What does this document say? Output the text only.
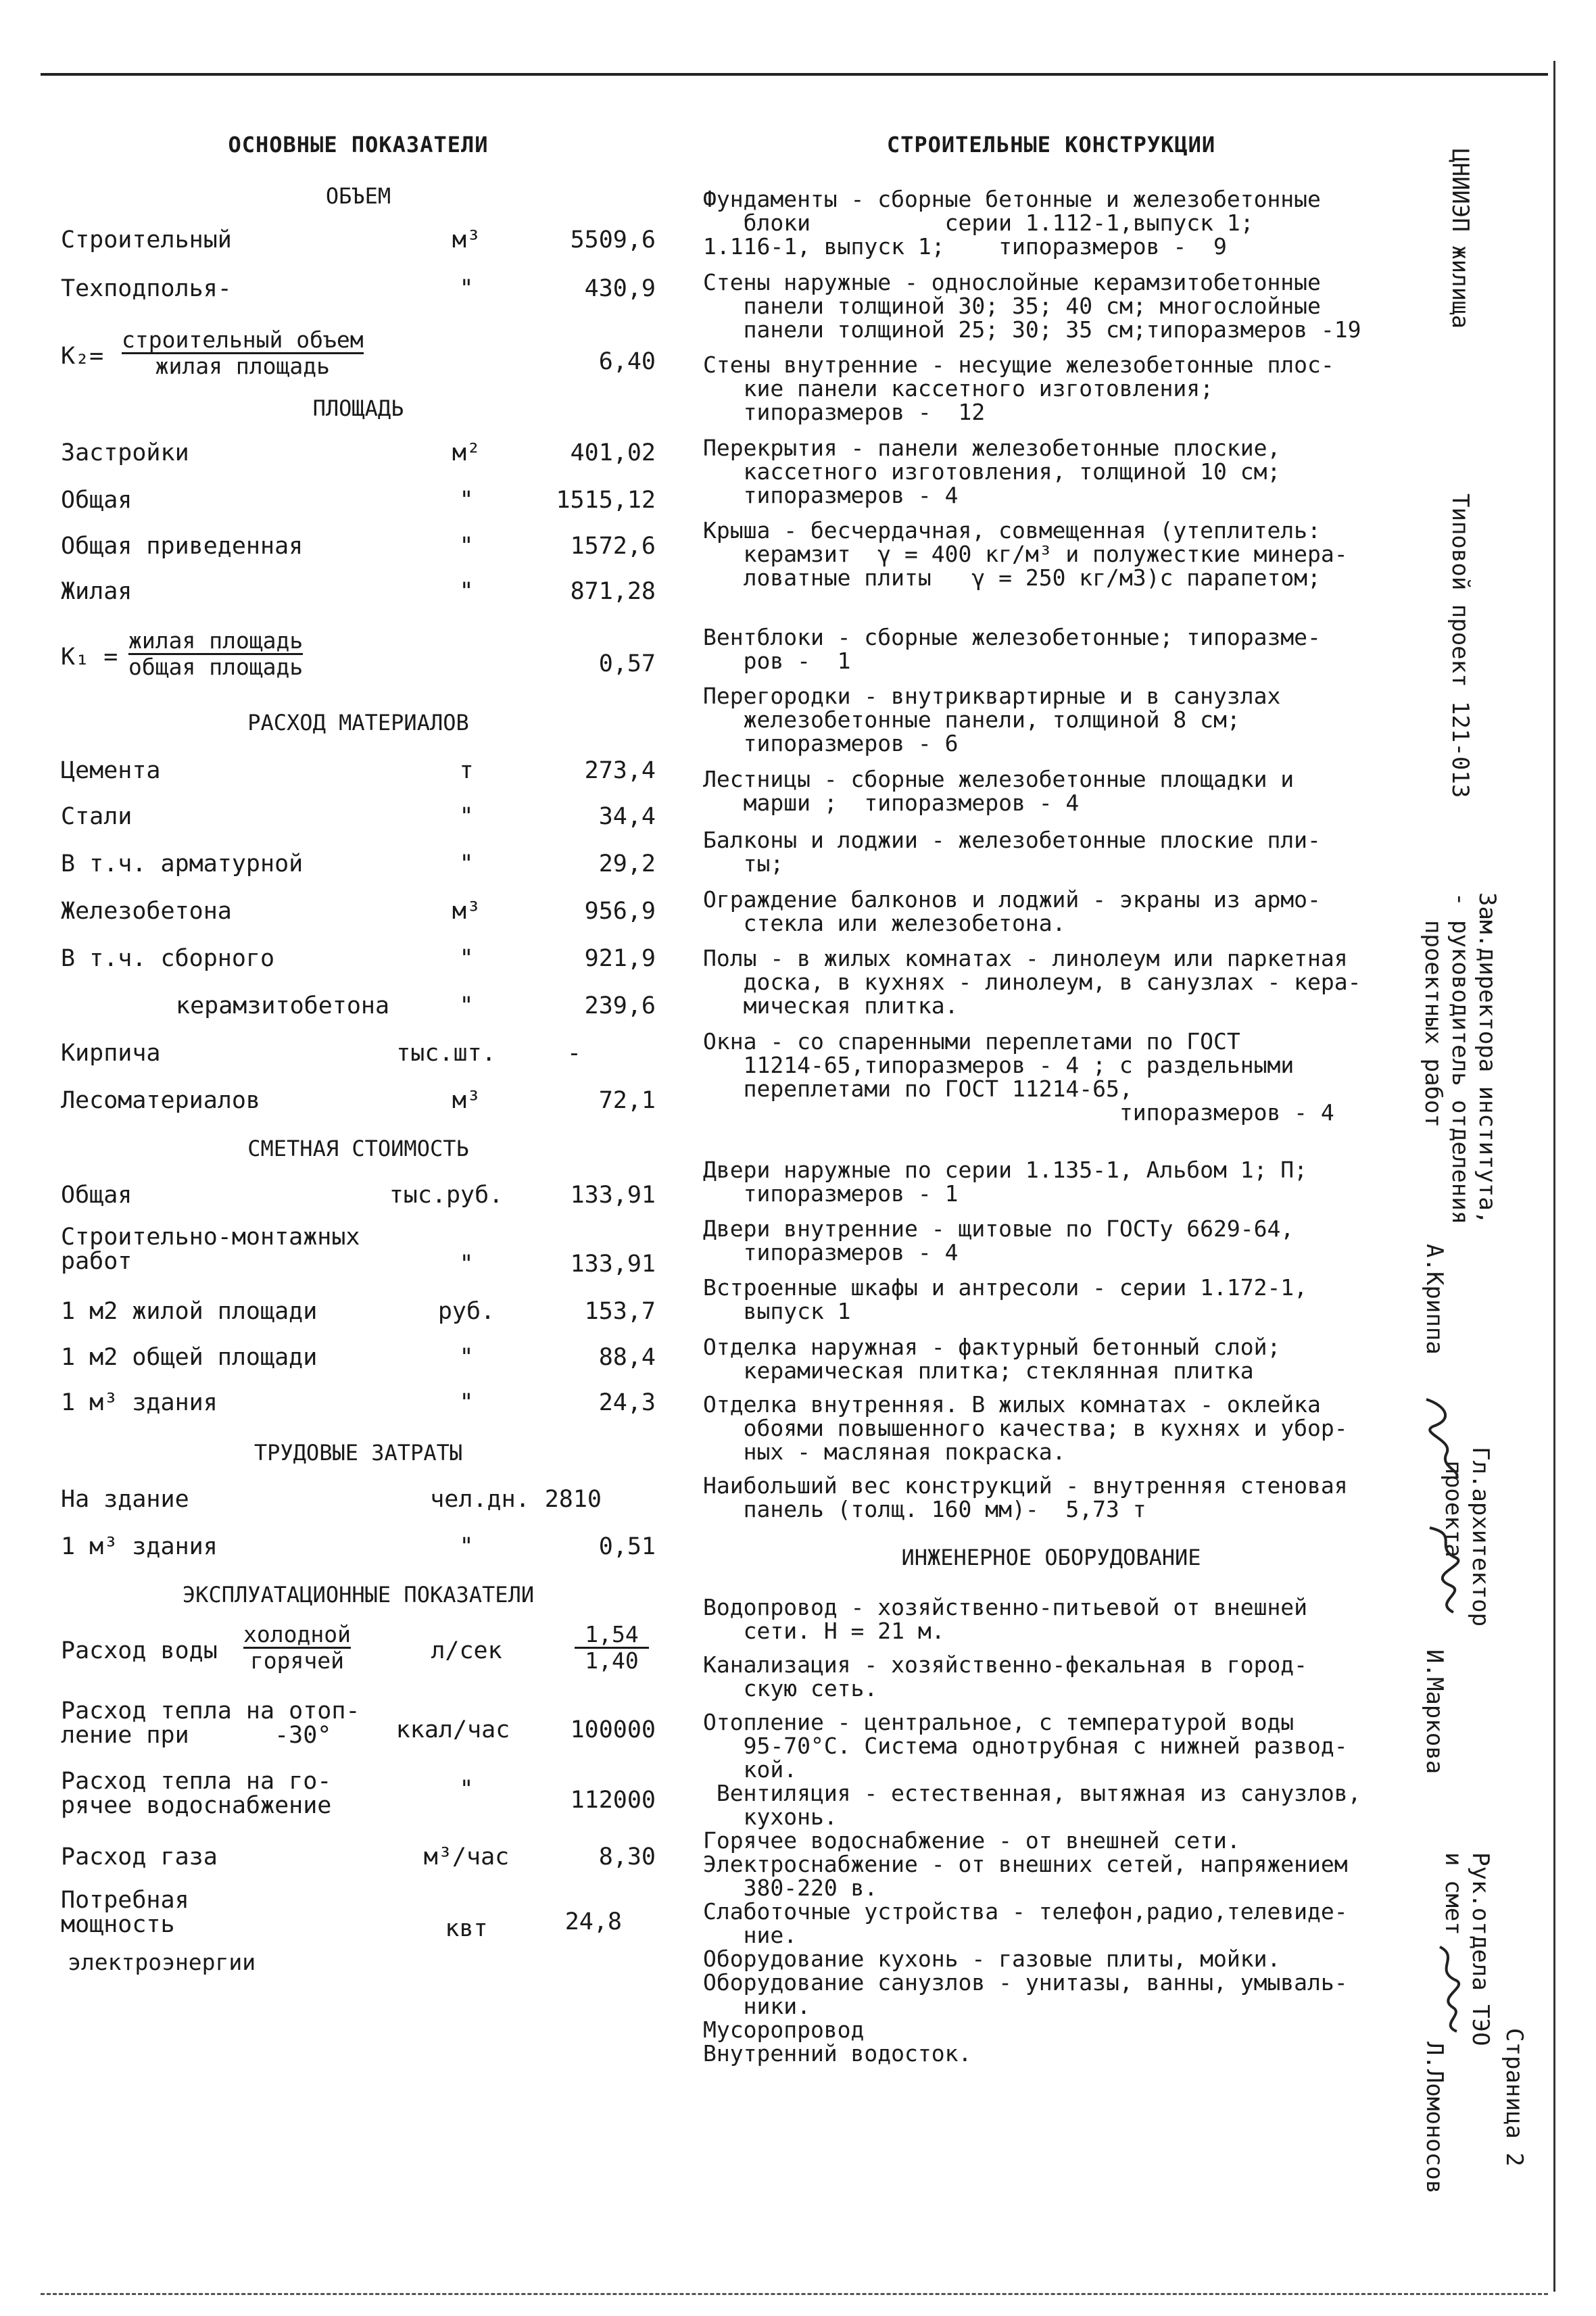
ОСНОВНЫЕ ПОКАЗАТЕЛИ

ОБЪЕМ

Строительный	м³	5509,6
Техподполья-	"	430,9
K₂=
строительный объем
жилая площадь	6,40

ПЛОЩАДЬ

Застройки	м²	401,02
Общая	"	1515,12
Общая приведенная	"	1572,6
Жилая	"	871,28
K₁ =
жилая площадь
общая площадь	0,57

РАСХОД МАТЕРИАЛОВ

Цемента	т	273,4
Стали	"	34,4
В т.ч. арматурной	"	29,2
Железобетона	м³	956,9
В т.ч. сборного	"	921,9
керамзитобетона	"	239,6
Кирпича	тыс.шт.	-
Лесоматериалов	м³	72,1

СМЕТНАЯ СТОИМОСТЬ

Общая	тыс.руб.	133,91
Строительно-монтажных
работ	"	133,91
1 м2 жилой площади	руб.	153,7
1 м2 общей площади	"	88,4
1 м³ здания	"	24,3

ТРУДОВЫЕ ЗАТРАТЫ

На здание	чел.дн. 2810
1 м³ здания	"	0,51

ЭКСПЛУАТАЦИОННЫЕ ПОКАЗАТЕЛИ

Расход воды
холодной
горячей	л/сек	$\frac{1,54}{1,40}$
Расход тепла на отоп-
ление при      -30°	ккал/час	100000
Расход тепла на го-
рячее водоснабжение
"	112000
Расход газа	м³/час	8,30
Потребная
мощность	квт	24,8
электроэнергии

СТРОИТЕЛЬНЫЕ КОНСТРУКЦИИ

Фундаменты - сборные бетонные и железобетонные
блоки          серии 1.112-1,выпуск 1;
1.116-1, выпуск 1;    типоразмеров -  9

Стены наружные - однослойные керамзитобетонные
панели толщиной 30; 35; 40 см; многослойные
панели толщиной 25; 30; 35 см;типоразмеров -19

Стены внутренние - несущие железобетонные плос-
кие панели кассетного изготовления;
типоразмеров -  12

Перекрытия - панели железобетонные плоские,
кассетного изготовления, толщиной 10 см;
типоразмеров - 4

Крыша - бесчердачная, совмещенная (утеплитель:
керамзит  γ = 400 кг/м³ и полужесткие минера-
ловатные плиты   γ = 250 кг/м3)с парапетом;

Вентблоки - сборные железобетонные; типоразме-
ров -  1

Перегородки - внутриквартирные и в санузлах
железобетонные панели, толщиной 8 см;
типоразмеров - 6

Лестницы - сборные железобетонные площадки и
марши ;  типоразмеров - 4

Балконы и лоджии - железобетонные плоские пли-
ты;

Ограждение балконов и лоджий - экраны из армо-
стекла или железобетона.

Полы - в жилых комнатах - линолеум или паркетная
доска, в кухнях - линолеум, в санузлах - кера-
мическая плитка.

Окна - со спаренными переплетами по ГОСТ
11214-65,типоразмеров - 4 ; с раздельными
переплетами по ГОСТ 11214-65,
типоразмеров - 4

Двери наружные по серии 1.135-1, Альбом 1; П;
типоразмеров - 1

Двери внутренние - щитовые по ГОСТу 6629-64,
типоразмеров - 4

Встроенные шкафы и антресоли - серии 1.172-1,
выпуск 1

Отделка наружная - фактурный бетонный слой;
керамическая плитка; стеклянная плитка

Отделка внутренняя. В жилых комнатах - оклейка
обоями повышенного качества; в кухнях и убор-
ных - масляная покраска.

Наибольший вес конструкций - внутренняя стеновая
панель (толщ. 160 мм)-  5,73 т

ИНЖЕНЕРНОЕ ОБОРУДОВАНИЕ

Водопровод - хозяйственно-питьевой от внешней
сети. Н = 21 м.

Канализация - хозяйственно-фекальная в город-
скую сеть.

Отопление - центральное, с температурой воды
95-70°С. Система однотрубная с нижней развод-
кой.

Вентиляция - естественная, вытяжная из санузлов,
кухонь.
Горячее водоснабжение - от внешней сети.
Электроснабжение - от внешних сетей, напряжением
380-220 в.
Слаботочные устройства - телефон,радио,телевиде-
ние.
Оборудование кухонь - газовые плиты, мойки.
Оборудование санузлов - унитазы, ванны, умываль-
ники.
Мусоропровод
Внутренний водосток.

ЦНИИЭП жилища
Типовой проект 121-013
Зам.директора института,
- руководитель отделения
проектных работ
А.Криппа
Гл.архитектор
проекта
И.Маркова
Рук.отдела ТЭО
и смет
Л.Ломоносов Страница 2
